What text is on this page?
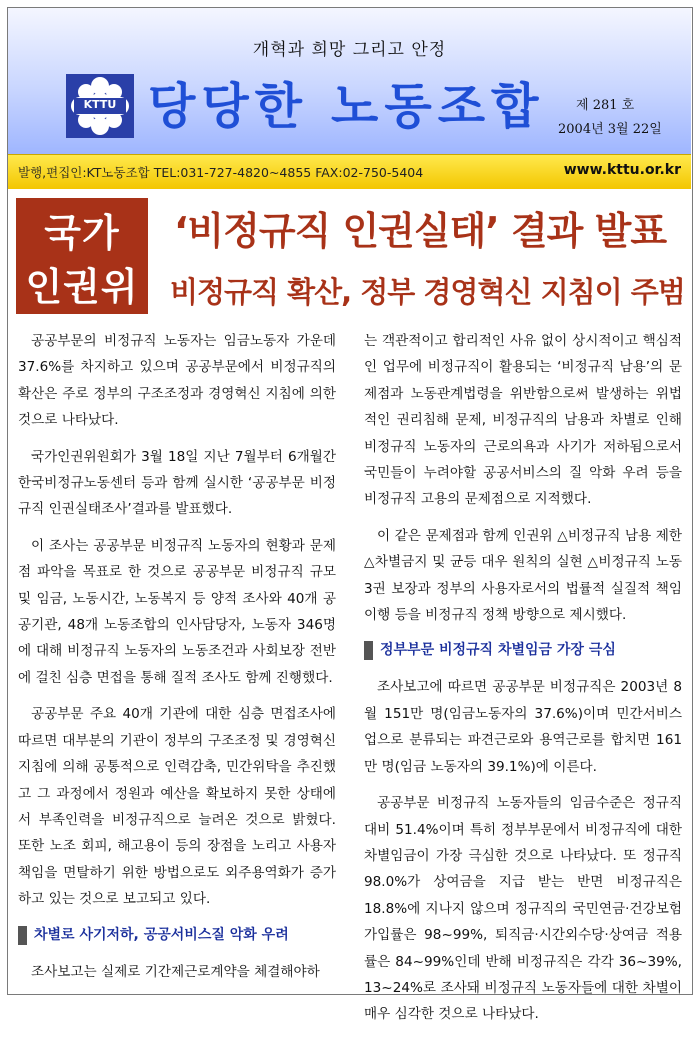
개혁과 희망 그리고 안정
KTTU 당당한 노동조합 제 281 호
2004년 3월 22일
발행,편집인:KT노동조합 TEL:031-727-4820~4855 FAX:02-750-5404	www.kttu.or.kr
국가
인권위
‘비정규직 인권실태’ 결과 발표
비정규직 확산, 정부 경영혁신 지침이 주범

공공부문의 비정규직 노동자는 임금노동자 가운데 37.6%를 차지하고 있으며 공공부문에서 비정규직의 확산은 주로 정부의 구조조정과 경영혁신 지침에 의한 것으로 나타났다.

국가인권위원회가 3월 18일 지난 7월부터 6개월간 한국비정규노동센터 등과 함께 실시한 ‘공공부문 비정규직 인권실태조사’결과를 발표했다.

이 조사는 공공부문 비정규직 노동자의 현황과 문제점 파악을 목표로 한 것으로 공공부문 비정규직 규모 및 임금, 노동시간, 노동복지 등 양적 조사와 40개 공공기관, 48개 노동조합의 인사담당자, 노동자 346명에 대해 비정규직 노동자의 노동조건과 사회보장 전반에 걸친 심층 면접을 통해 질적 조사도 함께 진행했다.

공공부문 주요 40개 기관에 대한 심층 면접조사에 따르면 대부분의 기관이 정부의 구조조정 및 경영혁신 지침에 의해 공통적으로 인력감축, 민간위탁을 추진했고 그 과정에서 정원과 예산을 확보하지 못한 상태에서 부족인력을 비정규직으로 늘려온 것으로 밝혔다. 또한 노조 회피, 해고용이 등의 장점을 노리고 사용자 책임을 면탈하기 위한 방법으로도 외주용역화가 증가하고 있는 것으로 보고되고 있다.

차별로 사기저하, 공공서비스질 악화 우려

조사보고는 실제로 기간제근로계약을 체결해야하

는 객관적이고 합리적인 사유 없이 상시적이고 핵심적인 업무에 비정규직이 활용되는 ‘비정규직 남용’의 문제점과 노동관계법령을 위반함으로써 발생하는 위법적인 권리침해 문제, 비정규직의 남용과 차별로 인해 비정규직 노동자의 근로의욕과 사기가 저하됨으로서 국민들이 누려야할 공공서비스의 질 악화 우려 등을 비정규직 고용의 문제점으로 지적했다.

이 같은 문제점과 함께 인권위 △비정규직 남용 제한 △차별금지 및 균등 대우 원칙의 실현 △비정규직 노동3권 보장과 정부의 사용자로서의 법률적 실질적 책임 이행 등을 비정규직 정책 방향으로 제시했다.

정부부문 비정규직 차별임금 가장 극심

조사보고에 따르면 공공부문 비정규직은 2003년 8월 151만 명(임금노동자의 37.6%)이며 민간서비스업으로 분류되는 파견근로와 용역근로를 합치면 161만 명(임금 노동자의 39.1%)에 이른다.

공공부문 비정규직 노동자들의 임금수준은 정규직 대비 51.4%이며 특히 정부부문에서 비정규직에 대한 차별임금이 가장 극심한 것으로 나타났다. 또 정규직 98.0%가 상여금을 지급 받는 반면 비정규직은 18.8%에 지나지 않으며 정규직의 국민연금·건강보험 가입률은 98~99%, 퇴직금·시간외수당·상여금 적용률은 84~99%인데 반해 비정규직은 각각 36~39%, 13~24%로 조사돼 비정규직 노동자들에 대한 차별이 매우 심각한 것으로 나타났다.
